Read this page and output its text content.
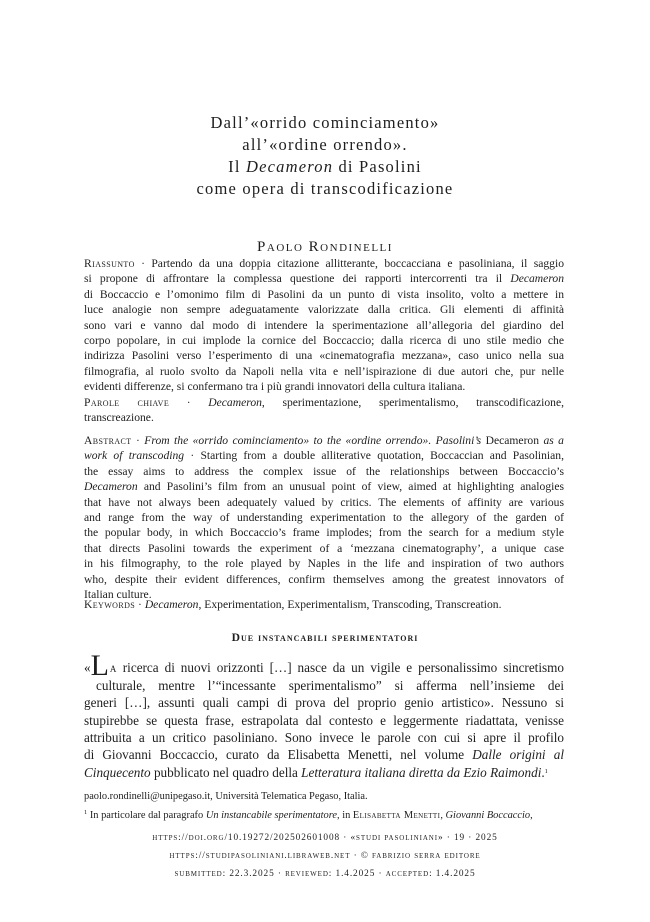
Dall’«orrido cominciamento»
all’«ordine orrendo».
Il Decameron di Pasolini
come opera di transcodificazione

Paolo Rondinelli

Riassunto · Partendo da una doppia citazione allitterante, boccacciana e pasoliniana, il saggio
si propone di affrontare la complessa questione dei rapporti intercorrenti tra il Decameron
di Boccaccio e l’omonimo film di Pasolini da un punto di vista insolito, volto a mettere in
luce analogie non sempre adeguatamente valorizzate dalla critica. Gli elementi di affinità
sono vari e vanno dal modo di intendere la sperimentazione all’allegoria del giardino del
corpo popolare, in cui implode la cornice del Boccaccio; dalla ricerca di uno stile medio che
indirizza Pasolini verso l’esperimento di una «cinematografia mezzana», caso unico nella sua
filmografia, al ruolo svolto da Napoli nella vita e nell’ispirazione di due autori che, pur nelle
evidenti differenze, si confermano tra i più grandi innovatori della cultura italiana.
Parole chiave · Decameron, sperimentazione, sperimentalismo, transcodificazione,
transcreazione.
Abstract · From the «orrido cominciamento» to the «ordine orrendo». Pasolini’s Decameron as a
work of transcoding · Starting from a double alliterative quotation, Boccaccian and Pasolinian,
the essay aims to address the complex issue of the relationships between Boccaccio’s
Decameron and Pasolini’s film from an unusual point of view, aimed at highlighting analogies
that have not always been adequately valued by critics. The elements of affinity are various
and range from the way of understanding experimentation to the allegory of the garden of
the popular body, in which Boccaccio’s frame implodes; from the search for a medium style
that directs Pasolini towards the experiment of a ‘mezzana cinematography’, a unique case
in his filmography, to the role played by Naples in the life and inspiration of two authors
who, despite their evident differences, confirm themselves among the greatest innovators of
Italian culture.
Keywords · Decameron, Experimentation, Experimentalism, Transcoding, Transcreation.
Due instancabili sperimentatori
«La ricerca di nuovi orizzonti […] nasce da un vigile e personalissimo sincretismo
culturale, mentre l’“incessante sperimentalismo” si afferma nell’insieme dei
generi […], assunti quali campi di prova del proprio genio artistico». Nessuno si
stupirebbe se questa frase, estrapolata dal contesto e leggermente riadattata, venisse
attribuita a un critico pasoliniano. Sono invece le parole con cui si apre il profilo
di Giovanni Boccaccio, curato da Elisabetta Menetti, nel volume Dalle origini al
Cinquecento pubblicato nel quadro della Letteratura italiana diretta da Ezio Raimondi.$^1$
paolo.rondinelli@unipegaso.it, Università Telematica Pegaso, Italia.
$^1$ In particolare dal paragrafo Un instancabile sperimentatore, in Elisabetta Menetti, Giovanni Boccaccio,

https://doi.org/10.19272/202502601008 · «studi pasoliniani» · 19 · 2025

https://studipasoliniani.libraweb.net · © fabrizio serra editore

submitted: 22.3.2025 · reviewed: 1.4.2025 · accepted: 1.4.2025
